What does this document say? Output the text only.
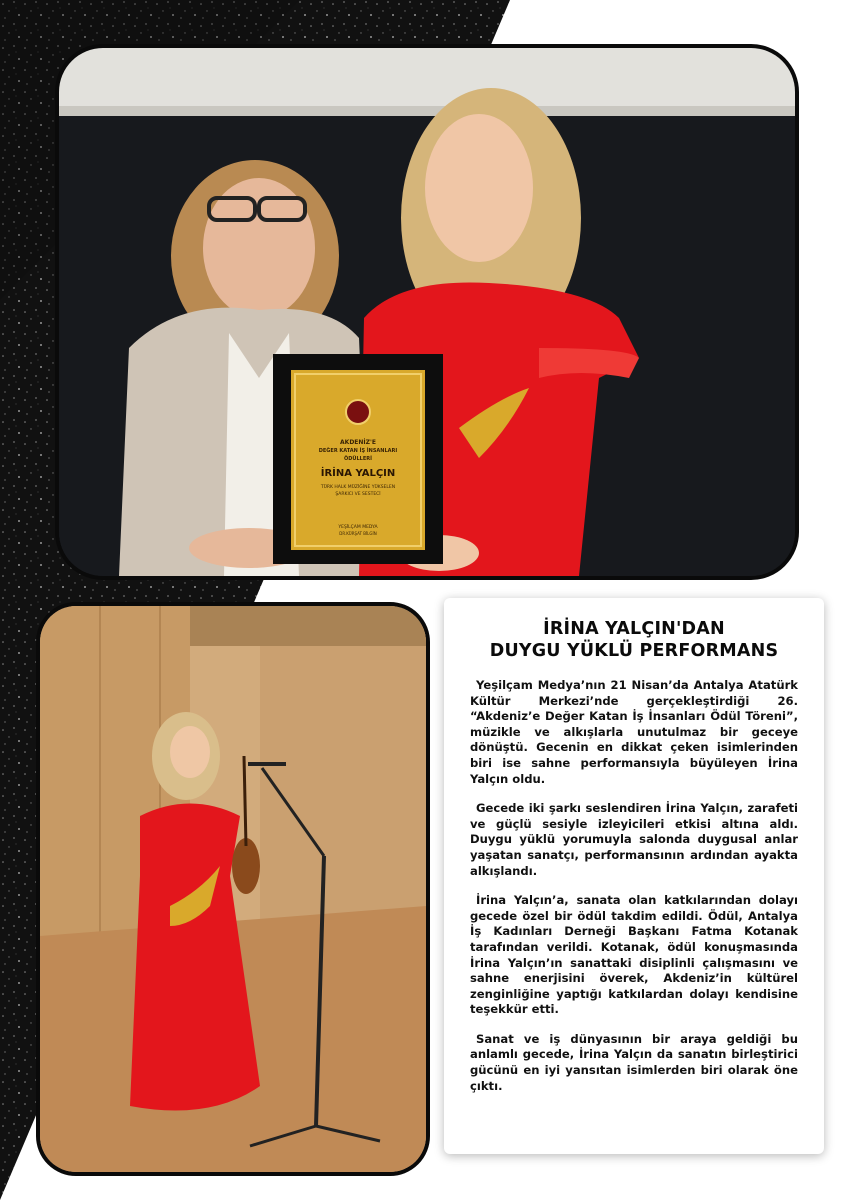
AKDENİZ'E
DEĞER KATAN İŞ İNSANLARI
ÖDÜLLERİ
İRİNA YALÇIN
TÜRK HALK MÜZİĞİNE YÜKSELEN
ŞARKICI VE SESTECİ
YEŞİLÇAM MEDYA
DR.KÜRŞAT BİLGİN
İRİNA YALÇIN'DAN
DUYGU YÜKLÜ PERFORMANS

Yeşilçam Medya’nın 21 Nisan’da Antalya Atatürk Kültür Merkezi’nde gerçekleştirdiği 26. “Akdeniz’e Değer Katan İş İnsanları Ödül Töreni”, müzikle ve alkışlarla unutulmaz bir geceye dönüştü. Gecenin en dikkat çeken isimlerinden biri ise sahne performansıyla büyüleyen İrina Yalçın oldu.

Gecede iki şarkı seslendiren İrina Yalçın, zarafeti ve güçlü sesiyle izleyicileri etkisi altına aldı. Duygu yüklü yorumuyla salonda duygusal anlar yaşatan sanatçı, performansının ardından ayakta alkışlandı.

İrina Yalçın’a, sanata olan katkılarından dolayı gecede özel bir ödül takdim edildi. Ödül, Antalya İş Kadınları Derneği Başkanı Fatma Kotanak tarafından verildi. Kotanak, ödül konuşmasında İrina Yalçın’ın sanattaki disiplinli çalışmasını ve sahne enerjisini överek, Akdeniz’in kültürel zenginliğine yaptığı katkılardan dolayı kendisine teşekkür etti.

Sanat ve iş dünyasının bir araya geldiği bu anlamlı gecede, İrina Yalçın da sanatın birleştirici gücünü en iyi yansıtan isimlerden biri olarak öne çıktı.
